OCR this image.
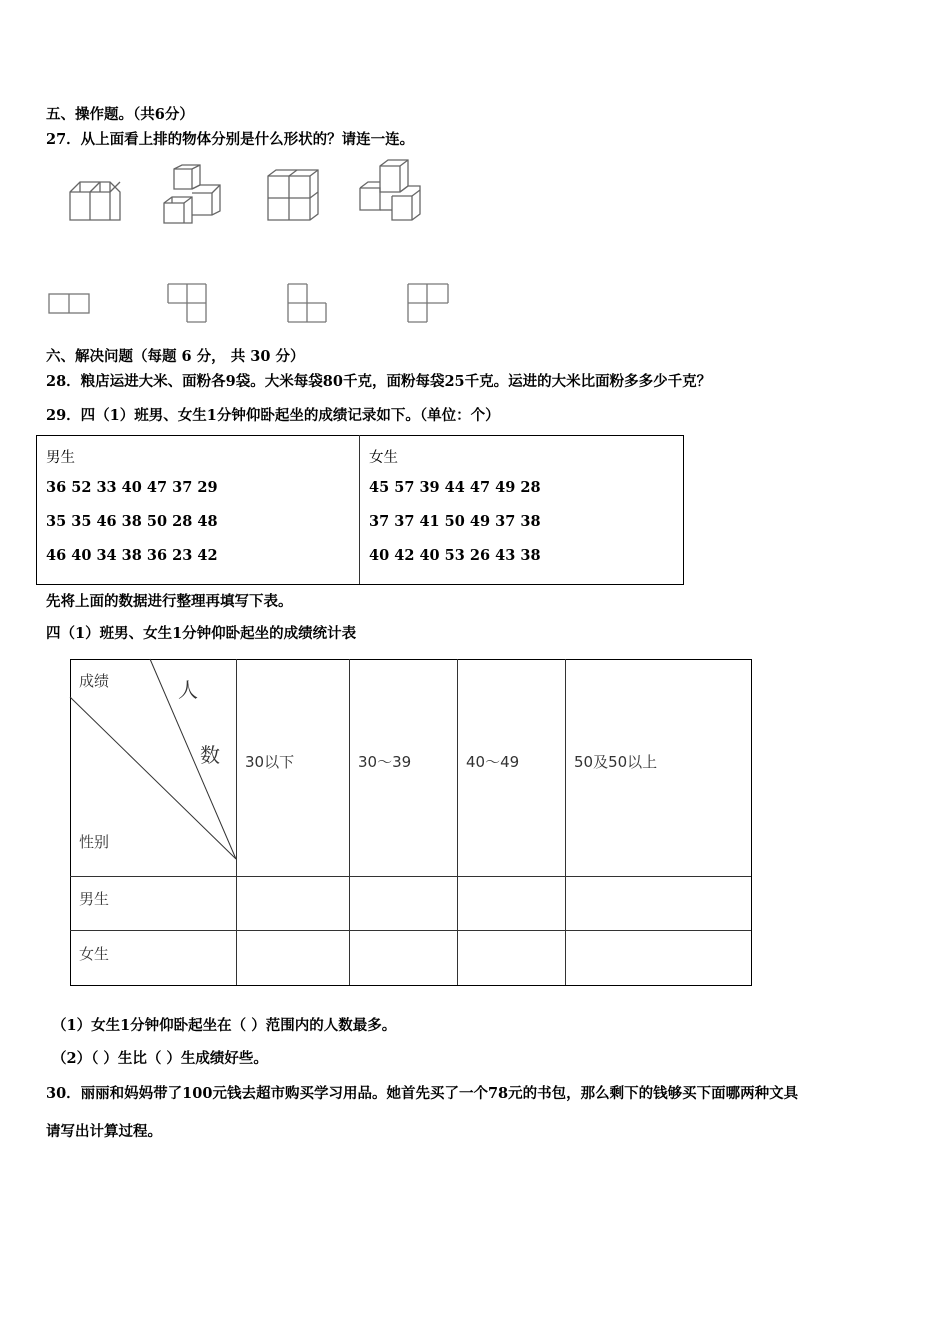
五、操作题。（共6分）
27．从上面看上排的物体分别是什么形状的？请连一连。
六、解决问题（每题 6 分， 共 30 分）
28．粮店运进大米、面粉各9袋。大米每袋80千克，面粉每袋25千克。运进的大米比面粉多多少千克？
29．四（1）班男、女生1分钟仰卧起坐的成绩记录如下。（单位：个）
男生
36 52 33 40 47 37 29
35 35 46 38 50 28 48
46 40 34 38 36 23 42
女生
45 57 39 44 47 49 28
37 37 41 50 49 37 38
40 42 40 53 26 43 38
先将上面的数据进行整理再填写下表。
四（1）班男、女生1分钟仰卧起坐的成绩统计表
成绩	人
数
性别
30以下	30～39	40～49	50及50以上
男生
女生
（1）女生1分钟仰卧起坐在（ ）范围内的人数最多。
（2）（ ）生比（ ）生成绩好些。
30．丽丽和妈妈带了100元钱去超市购买学习用品。她首先买了一个78元的书包，那么剩下的钱够买下面哪两种文具
请写出计算过程。
